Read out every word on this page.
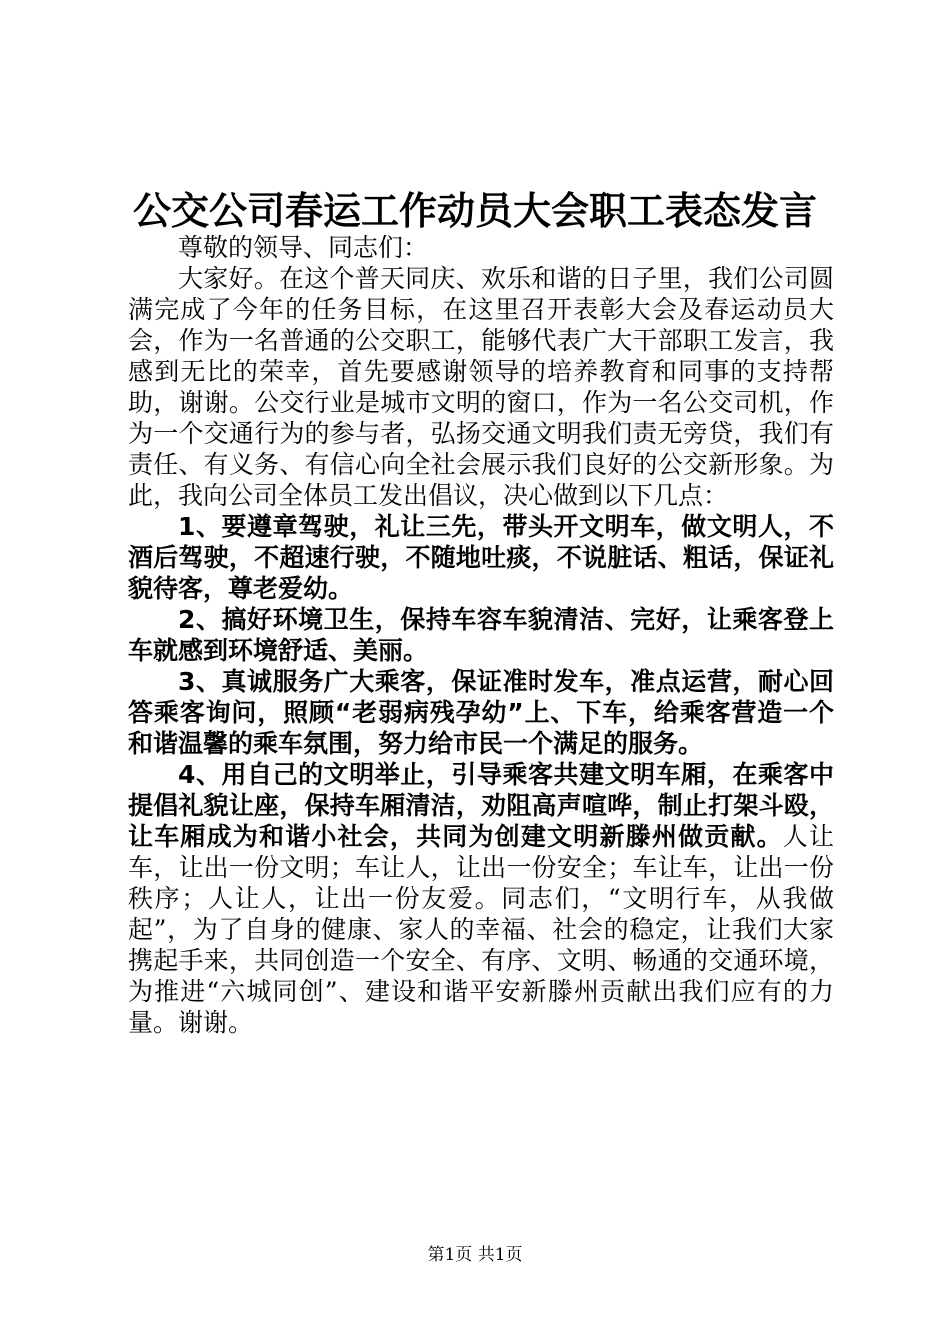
公交公司春运工作动员大会职工表态发言

尊敬的领导、同志们：

大家好。在这个普天同庆、欢乐和谐的日子里，我们公司圆满完成了今年的任务目标，在这里召开表彰大会及春运动员大会，作为一名普通的公交职工，能够代表广大干部职工发言，我感到无比的荣幸，首先要感谢领导的培养教育和同事的支持帮助，谢谢。公交行业是城市文明的窗口，作为一名公交司机，作为一个交通行为的参与者，弘扬交通文明我们责无旁贷，我们有责任、有义务、有信心向全社会展示我们良好的公交新形象。为此，我向公司全体员工发出倡议，决心做到以下几点：

1、要遵章驾驶，礼让三先，带头开文明车，做文明人，不酒后驾驶，不超速行驶，不随地吐痰，不说脏话、粗话，保证礼貌待客，尊老爱幼。

2、搞好环境卫生，保持车容车貌清洁、完好，让乘客登上车就感到环境舒适、美丽。

3、真诚服务广大乘客，保证准时发车，准点运营，耐心回答乘客询问，照顾“老弱病残孕幼”上、下车，给乘客营造一个和谐温馨的乘车氛围，努力给市民一个满足的服务。

4、用自己的文明举止，引导乘客共建文明车厢，在乘客中提倡礼貌让座，保持车厢清洁，劝阻高声喧哗，制止打架斗殴，让车厢成为和谐小社会，共同为创建文明新滕州做贡献。人让车，让出一份文明；车让人，让出一份安全；车让车，让出一份秩序；人让人，让出一份友爱。同志们，“文明行车，从我做起”，为了自身的健康、家人的幸福、社会的稳定，让我们大家携起手来，共同创造一个安全、有序、文明、畅通的交通环境，为推进“六城同创”、建设和谐平安新滕州贡献出我们应有的力量。谢谢。

第1页 共1页
